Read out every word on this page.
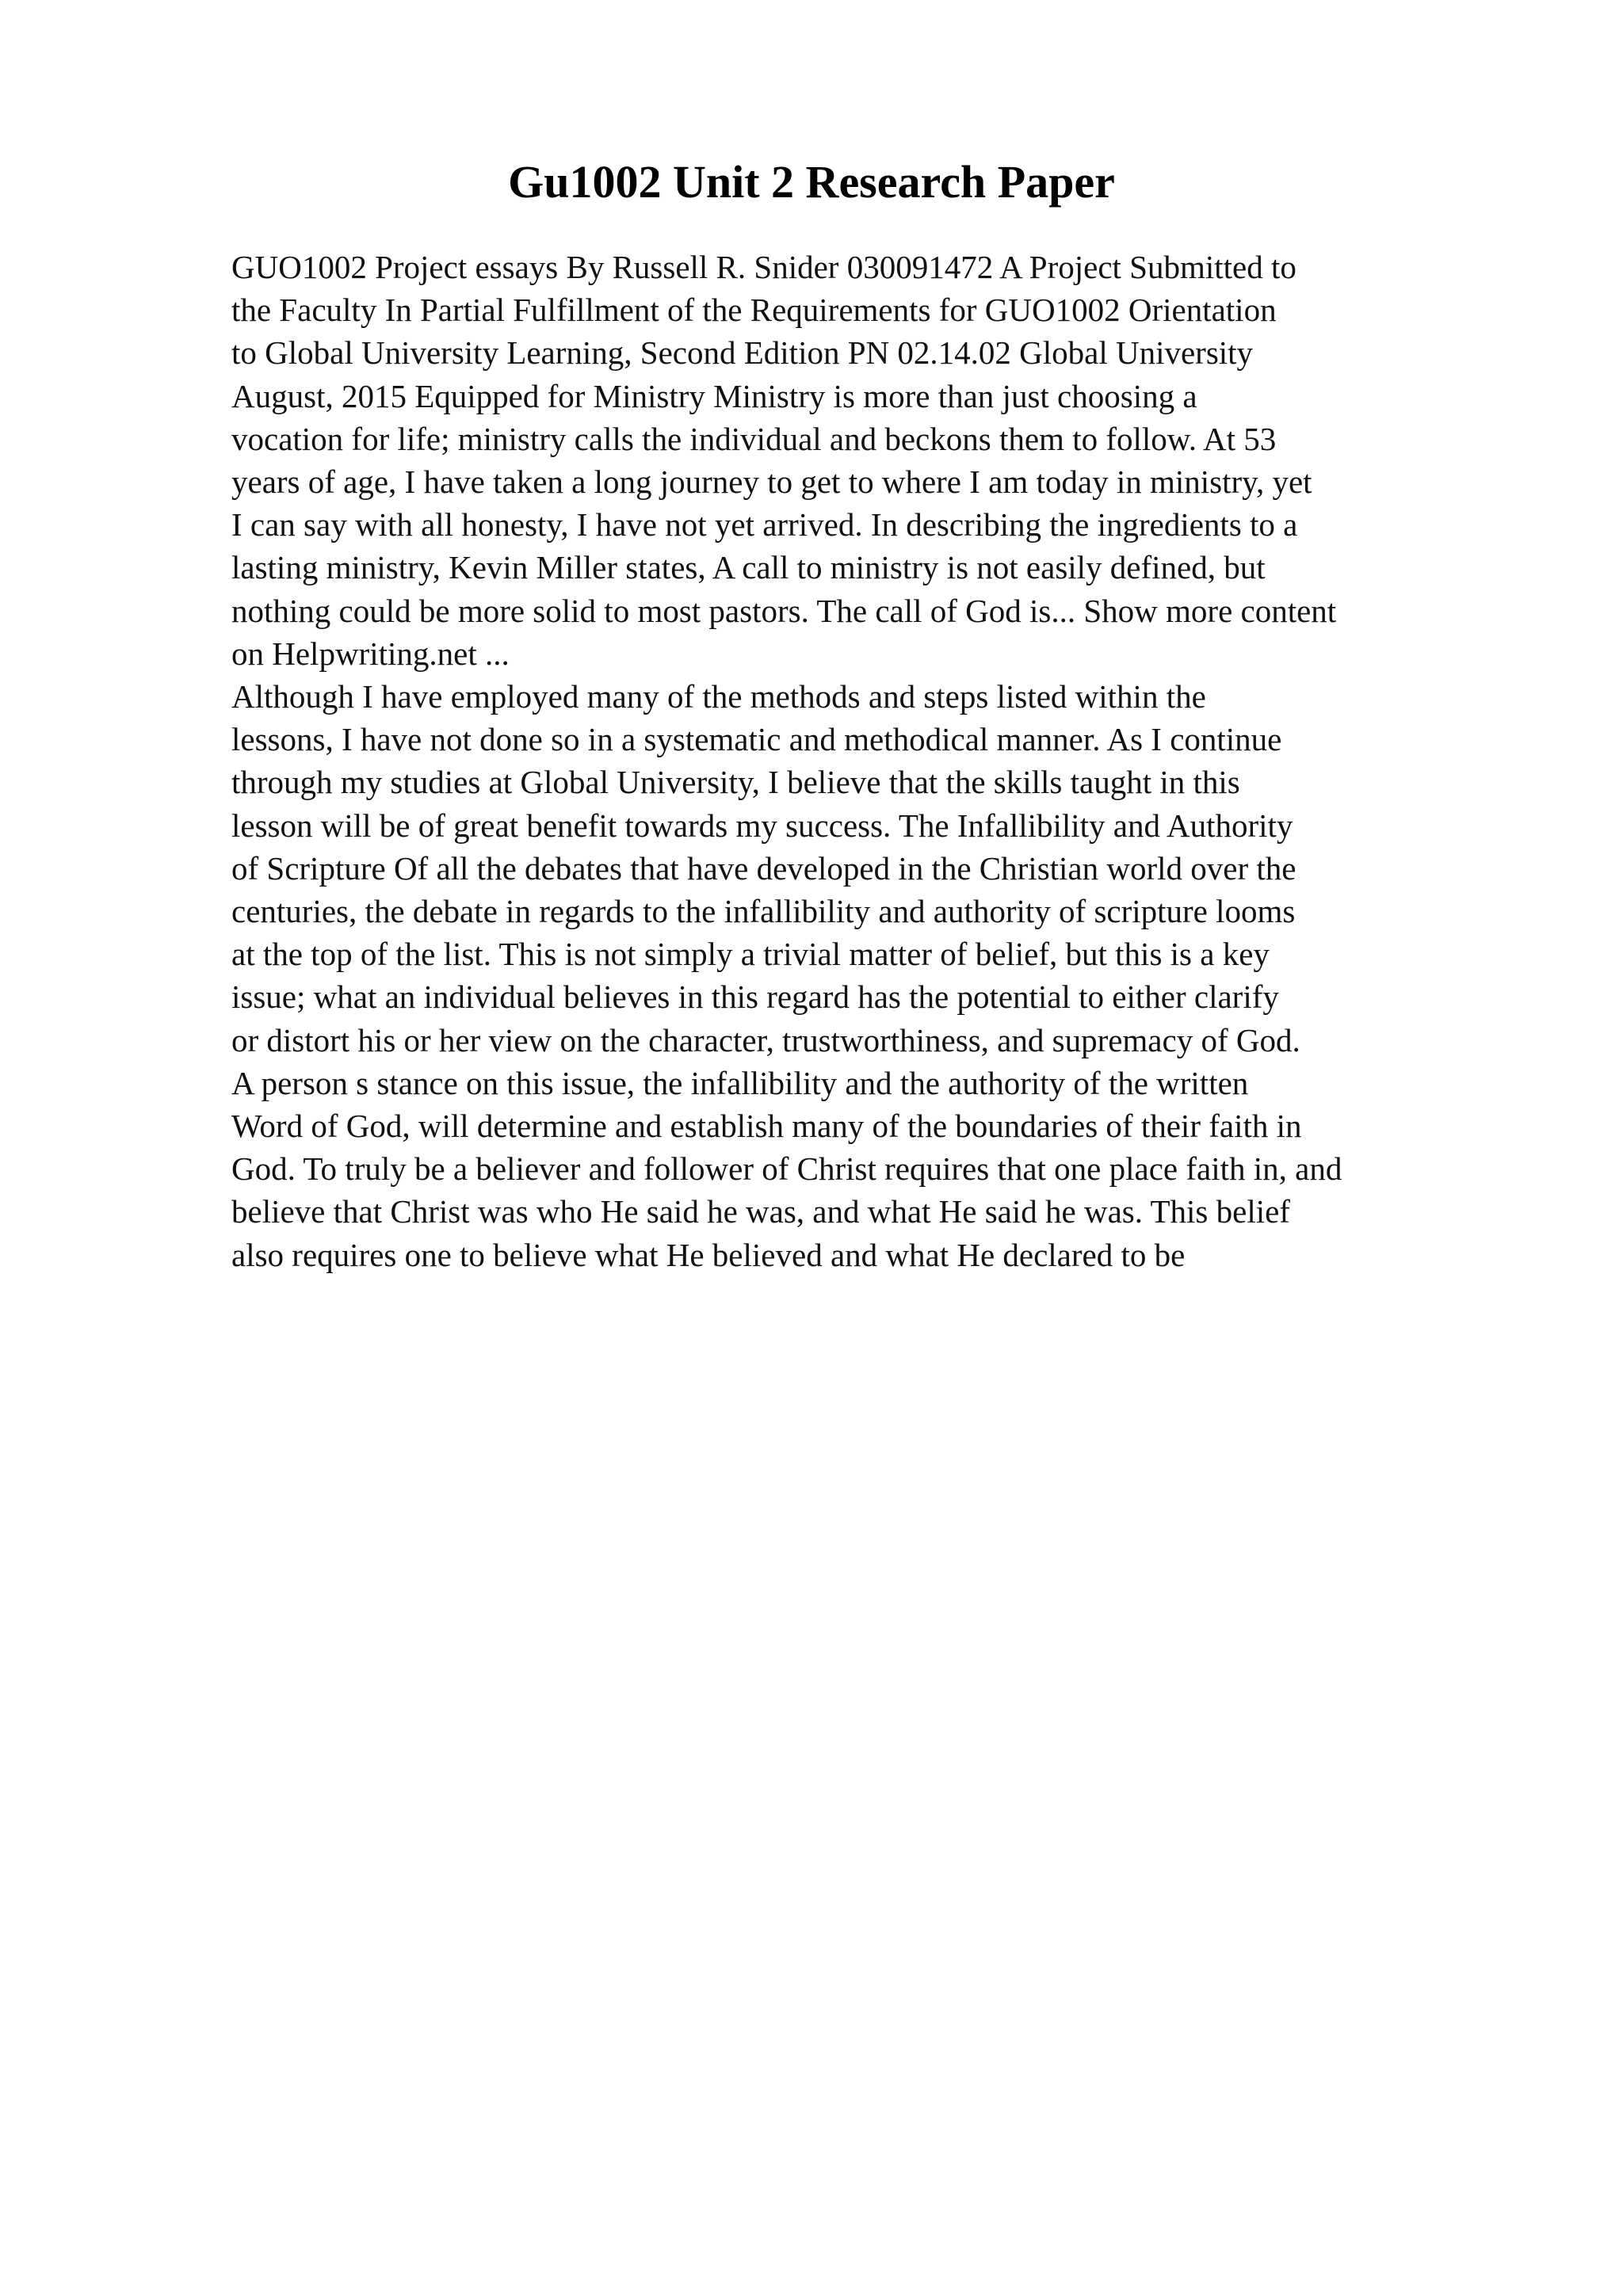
Gu1002 Unit 2 Research Paper
GUO1002 Project essays By Russell R. Snider 030091472 A Project Submitted to
the Faculty In Partial Fulfillment of the Requirements for GUO1002 Orientation
to Global University Learning, Second Edition PN 02.14.02 Global University
August, 2015 Equipped for Ministry Ministry is more than just choosing a
vocation for life; ministry calls the individual and beckons them to follow. At 53
years of age, I have taken a long journey to get to where I am today in ministry, yet
I can say with all honesty, I have not yet arrived. In describing the ingredients to a
lasting ministry, Kevin Miller states, A call to ministry is not easily defined, but
nothing could be more solid to most pastors. The call of God is... Show more content
on Helpwriting.net ...
Although I have employed many of the methods and steps listed within the
lessons, I have not done so in a systematic and methodical manner. As I continue
through my studies at Global University, I believe that the skills taught in this
lesson will be of great benefit towards my success. The Infallibility and Authority
of Scripture Of all the debates that have developed in the Christian world over the
centuries, the debate in regards to the infallibility and authority of scripture looms
at the top of the list. This is not simply a trivial matter of belief, but this is a key
issue; what an individual believes in this regard has the potential to either clarify
or distort his or her view on the character, trustworthiness, and supremacy of God.
A person s stance on this issue, the infallibility and the authority of the written
Word of God, will determine and establish many of the boundaries of their faith in
God. To truly be a believer and follower of Christ requires that one place faith in, and
believe that Christ was who He said he was, and what He said he was. This belief
also requires one to believe what He believed and what He declared to be
